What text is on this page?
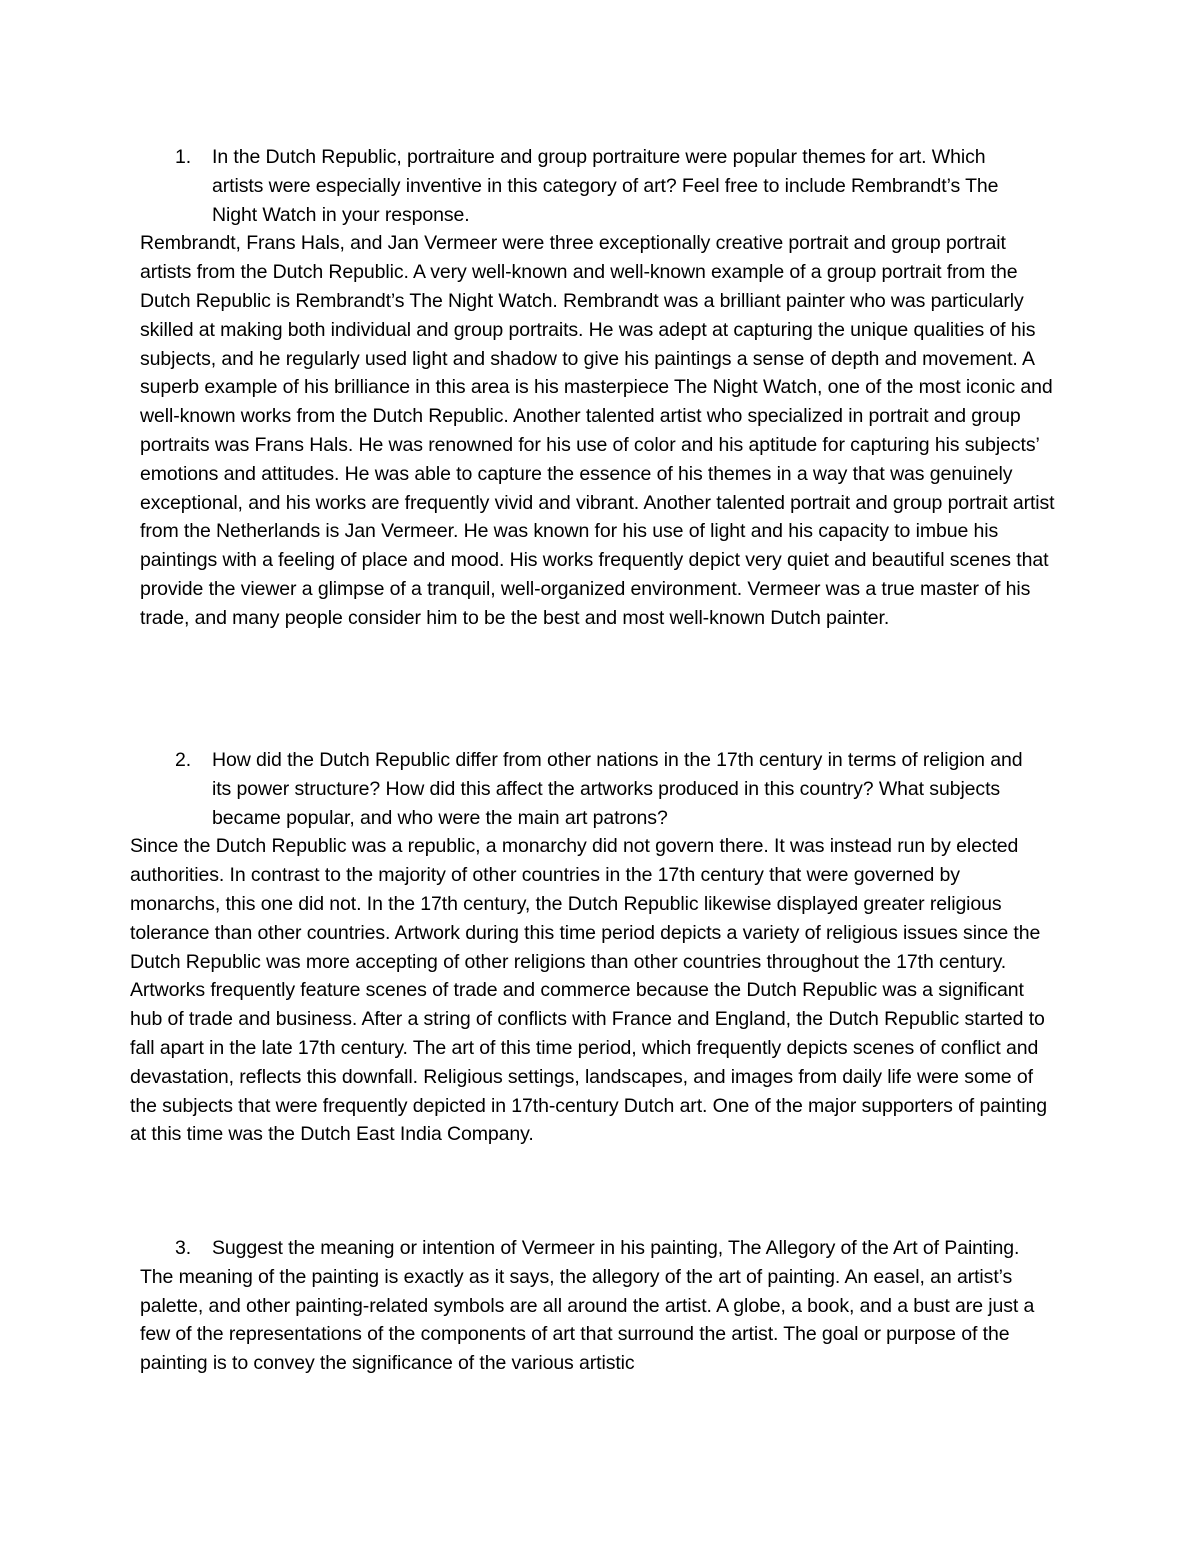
1. In the Dutch Republic, portraiture and group portraiture were popular themes for art. Which artists were especially inventive in this category of art? Feel free to include Rembrandt’s The Night Watch in your response.

Rembrandt, Frans Hals, and Jan Vermeer were three exceptionally creative portrait and group portrait artists from the Dutch Republic. A very well-known and well-known example of a group portrait from the Dutch Republic is Rembrandt’s The Night Watch. Rembrandt was a brilliant painter who was particularly skilled at making both individual and group portraits. He was adept at capturing the unique qualities of his subjects, and he regularly used light and shadow to give his paintings a sense of depth and movement. A superb example of his brilliance in this area is his masterpiece The Night Watch, one of the most iconic and well-known works from the Dutch Republic. Another talented artist who specialized in portrait and group portraits was Frans Hals. He was renowned for his use of color and his aptitude for capturing his subjects’ emotions and attitudes. He was able to capture the essence of his themes in a way that was genuinely exceptional, and his works are frequently vivid and vibrant. Another talented portrait and group portrait artist from the Netherlands is Jan Vermeer. He was known for his use of light and his capacity to imbue his paintings with a feeling of place and mood. His works frequently depict very quiet and beautiful scenes that provide the viewer a glimpse of a tranquil, well-organized environment. Vermeer was a true master of his trade, and many people consider him to be the best and most well-known Dutch painter.

2. How did the Dutch Republic differ from other nations in the 17th century in terms of religion and its power structure? How did this affect the artworks produced in this country? What subjects became popular, and who were the main art patrons?

Since the Dutch Republic was a republic, a monarchy did not govern there. It was instead run by elected authorities. In contrast to the majority of other countries in the 17th century that were governed by monarchs, this one did not. In the 17th century, the Dutch Republic likewise displayed greater religious tolerance than other countries. Artwork during this time period depicts a variety of religious issues since the Dutch Republic was more accepting of other religions than other countries throughout the 17th century. Artworks frequently feature scenes of trade and commerce because the Dutch Republic was a significant hub of trade and business. After a string of conflicts with France and England, the Dutch Republic started to fall apart in the late 17th century. The art of this time period, which frequently depicts scenes of conflict and devastation, reflects this downfall. Religious settings, landscapes, and images from daily life were some of the subjects that were frequently depicted in 17th-century Dutch art. One of the major supporters of painting at this time was the Dutch East India Company.

3. Suggest the meaning or intention of Vermeer in his painting, The Allegory of the Art of Painting.

The meaning of the painting is exactly as it says, the allegory of the art of painting. An easel, an artist’s palette, and other painting-related symbols are all around the artist. A globe, a book, and a bust are just a few of the representations of the components of art that surround the artist. The goal or purpose of the painting is to convey the significance of the various artistic
